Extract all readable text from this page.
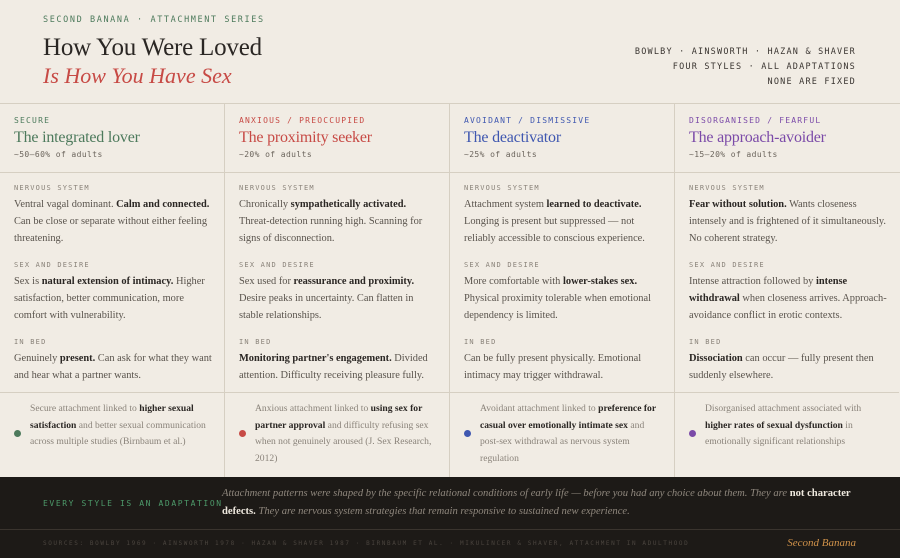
SECOND BANANA · ATTACHMENT SERIES
How You Were Loved
Is How You Have Sex
BOWLBY · AINSWORTH · HAZAN & SHAVER
FOUR STYLES · ALL ADAPTATIONS
NONE ARE FIXED
SECURE
The integrated lover
~50–60% of adults
NERVOUS SYSTEM
Ventral vagal dominant. Calm and connected. Can be close or separate without either feeling threatening.
SEX AND DESIRE
Sex is natural extension of intimacy. Higher satisfaction, better communication, more comfort with vulnerability.
IN BED
Genuinely present. Can ask for what they want and hear what a partner wants.
Secure attachment linked to higher sexual satisfaction and better sexual communication across multiple studies (Birnbaum et al.)
ANXIOUS / PREOCCUPIED
The proximity seeker
~20% of adults
NERVOUS SYSTEM
Chronically sympathetically activated. Threat-detection running high. Scanning for signs of disconnection.
SEX AND DESIRE
Sex used for reassurance and proximity. Desire peaks in uncertainty. Can flatten in stable relationships.
IN BED
Monitoring partner's engagement. Divided attention. Difficulty receiving pleasure fully.
Anxious attachment linked to using sex for partner approval and difficulty refusing sex when not genuinely aroused (J. Sex Research, 2012)
AVOIDANT / DISMISSIVE
The deactivator
~25% of adults
NERVOUS SYSTEM
Attachment system learned to deactivate. Longing is present but suppressed — not reliably accessible to conscious experience.
SEX AND DESIRE
More comfortable with lower-stakes sex. Physical proximity tolerable when emotional dependency is limited.
IN BED
Can be fully present physically. Emotional intimacy may trigger withdrawal.
Avoidant attachment linked to preference for casual over emotionally intimate sex and post-sex withdrawal as nervous system regulation
DISORGANISED / FEARFUL
The approach-avoider
~15–20% of adults
NERVOUS SYSTEM
Fear without solution. Wants closeness intensely and is frightened of it simultaneously. No coherent strategy.
SEX AND DESIRE
Intense attraction followed by intense withdrawal when closeness arrives. Approach-avoidance conflict in erotic contexts.
IN BED
Dissociation can occur — fully present then suddenly elsewhere.
Disorganised attachment associated with higher rates of sexual dysfunction in emotionally significant relationships
EVERY STYLE IS AN ADAPTATION
Attachment patterns were shaped by the specific relational conditions of early life — before you had any choice about them. They are not character defects. They are nervous system strategies that remain responsive to sustained new experience.
SOURCES: BOWLBY 1969 · AINSWORTH 1978 · HAZAN & SHAVER 1987 · BIRNBAUM ET AL. · MIKULINCER & SHAVER, ATTACHMENT IN ADULTHOOD	Second Banana
